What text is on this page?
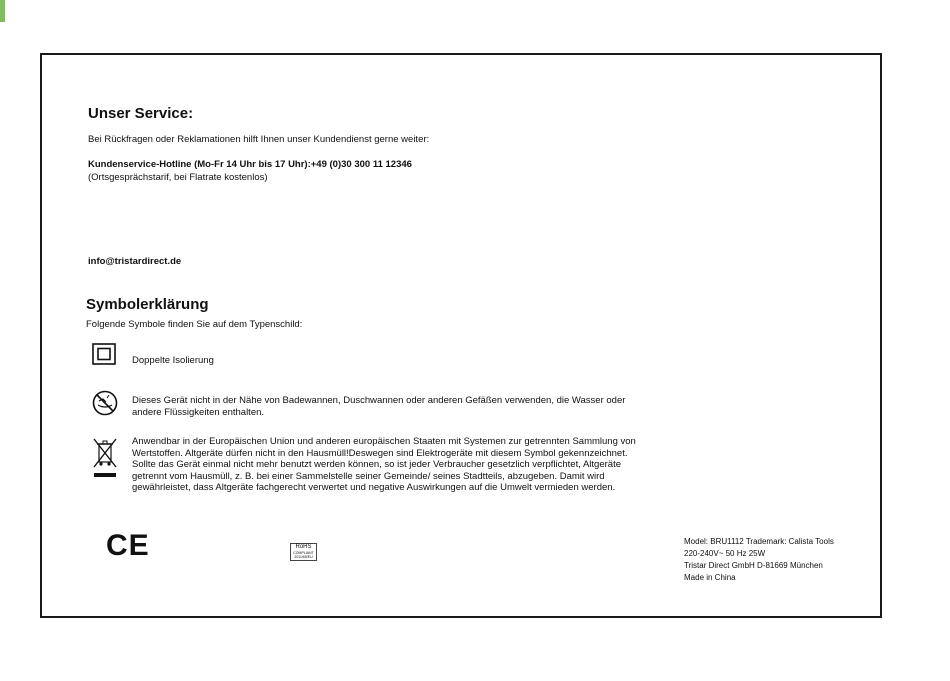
Unser Service:

Bei Rückfragen oder Reklamationen hilft Ihnen unser Kundendienst gerne weiter:

Kundenservice-Hotline (Mo-Fr 14 Uhr bis 17 Uhr):+49 (0)30 300 11 12346

(Ortsgesprächstarif, bei Flatrate kostenlos)

info@tristardirect.de

Symbolerklärung

Folgende Symbole finden Sie auf dem Typenschild:

Doppelte Isolierung
Dieses Gerät nicht in der Nähe von Badewannen, Duschwannen oder anderen Gefäßen verwenden, die Wasser oder
andere Flüssigkeiten enthalten.
Anwendbar in der Europäischen Union und anderen europäischen Staaten mit Systemen zur getrennten Sammlung von
Wertstoffen. Altgeräte dürfen nicht in den Hausmüll!Deswegen sind Elektrogeräte mit diesem Symbol gekennzeichnet.
Sollte das Gerät einmal nicht mehr benutzt werden können, so ist jeder Verbraucher gesetzlich verpflichtet, Altgeräte
getrennt vom Hausmüll, z. B. bei einer Sammelstelle seiner Gemeinde/ seines Stadtteils, abzugeben. Damit wird
gewährleistet, dass Altgeräte fachgerecht verwertet und negative Auswirkungen auf die Umwelt vermieden werden.

CE	RoHS
COMPLIANT
2011/65/EU
Model: BRU1112 Trademark: Calista Tools
220-240V~ 50 Hz 25W
Tristar Direct GmbH D-81669 München
Made in China
